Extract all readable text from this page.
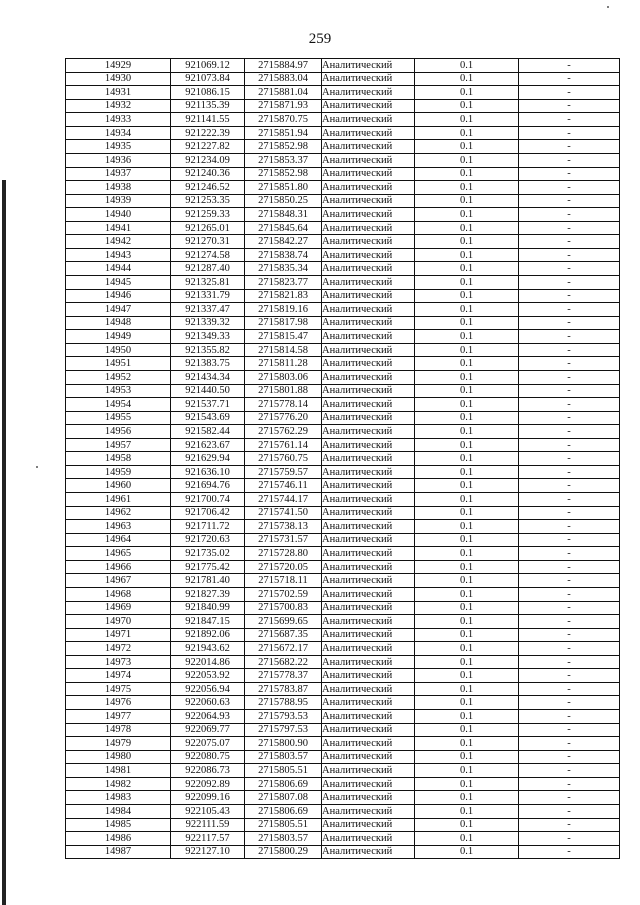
259
14929	921069.12	2715884.97	Аналитический	0.1	-
14930	921073.84	2715883.04	Аналитический	0.1	-
14931	921086.15	2715881.04	Аналитический	0.1	-
14932	921135.39	2715871.93	Аналитический	0.1	-
14933	921141.55	2715870.75	Аналитический	0.1	-
14934	921222.39	2715851.94	Аналитический	0.1	-
14935	921227.82	2715852.98	Аналитический	0.1	-
14936	921234.09	2715853.37	Аналитический	0.1	-
14937	921240.36	2715852.98	Аналитический	0.1	-
14938	921246.52	2715851.80	Аналитический	0.1	-
14939	921253.35	2715850.25	Аналитический	0.1	-
14940	921259.33	2715848.31	Аналитический	0.1	-
14941	921265.01	2715845.64	Аналитический	0.1	-
14942	921270.31	2715842.27	Аналитический	0.1	-
14943	921274.58	2715838.74	Аналитический	0.1	-
14944	921287.40	2715835.34	Аналитический	0.1	-
14945	921325.81	2715823.77	Аналитический	0.1	-
14946	921331.79	2715821.83	Аналитический	0.1	-
14947	921337.47	2715819.16	Аналитический	0.1	-
14948	921339.32	2715817.98	Аналитический	0.1	-
14949	921349.33	2715815.47	Аналитический	0.1	-
14950	921355.82	2715814.58	Аналитический	0.1	-
14951	921383.75	2715811.28	Аналитический	0.1	-
14952	921434.34	2715803.06	Аналитический	0.1	-
14953	921440.50	2715801.88	Аналитический	0.1	-
14954	921537.71	2715778.14	Аналитический	0.1	-
14955	921543.69	2715776.20	Аналитический	0.1	-
14956	921582.44	2715762.29	Аналитический	0.1	-
14957	921623.67	2715761.14	Аналитический	0.1	-
14958	921629.94	2715760.75	Аналитический	0.1	-
14959	921636.10	2715759.57	Аналитический	0.1	-
14960	921694.76	2715746.11	Аналитический	0.1	-
14961	921700.74	2715744.17	Аналитический	0.1	-
14962	921706.42	2715741.50	Аналитический	0.1	-
14963	921711.72	2715738.13	Аналитический	0.1	-
14964	921720.63	2715731.57	Аналитический	0.1	-
14965	921735.02	2715728.80	Аналитический	0.1	-
14966	921775.42	2715720.05	Аналитический	0.1	-
14967	921781.40	2715718.11	Аналитический	0.1	-
14968	921827.39	2715702.59	Аналитический	0.1	-
14969	921840.99	2715700.83	Аналитический	0.1	-
14970	921847.15	2715699.65	Аналитический	0.1	-
14971	921892.06	2715687.35	Аналитический	0.1	-
14972	921943.62	2715672.17	Аналитический	0.1	-
14973	922014.86	2715682.22	Аналитический	0.1	-
14974	922053.92	2715778.37	Аналитический	0.1	-
14975	922056.94	2715783.87	Аналитический	0.1	-
14976	922060.63	2715788.95	Аналитический	0.1	-
14977	922064.93	2715793.53	Аналитический	0.1	-
14978	922069.77	2715797.53	Аналитический	0.1	-
14979	922075.07	2715800.90	Аналитический	0.1	-
14980	922080.75	2715803.57	Аналитический	0.1	-
14981	922086.73	2715805.51	Аналитический	0.1	-
14982	922092.89	2715806.69	Аналитический	0.1	-
14983	922099.16	2715807.08	Аналитический	0.1	-
14984	922105.43	2715806.69	Аналитический	0.1	-
14985	922111.59	2715805.51	Аналитический	0.1	-
14986	922117.57	2715803.57	Аналитический	0.1	-
14987	922127.10	2715800.29	Аналитический	0.1	-
